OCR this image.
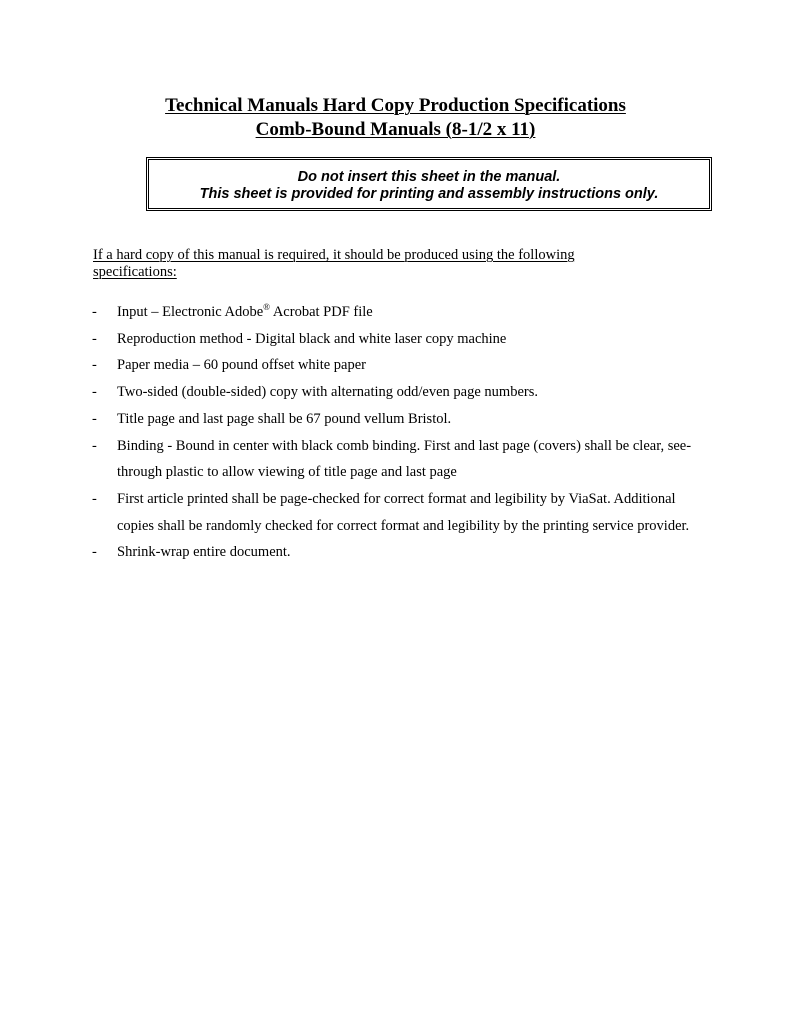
Technical Manuals Hard Copy Production Specifications

Comb-Bound Manuals (8-1/2 x 11)

Do not insert this sheet in the manual.

This sheet is provided for printing and assembly instructions only.

If a hard copy of this manual is required, it should be produced using the following specifications:

- Input – Electronic Adobe® Acrobat PDF file
- Reproduction method - Digital black and white laser copy machine
- Paper media – 60 pound offset white paper
- Two-sided (double-sided) copy with alternating odd/even page numbers.
- Title page and last page shall be 67 pound vellum Bristol.
- Binding - Bound in center with black comb binding. First and last page (covers) shall be clear, see-through plastic to allow viewing of title page and last page
- First article printed shall be page-checked for correct format and legibility by ViaSat. Additional copies shall be randomly checked for correct format and legibility by the printing service provider.
- Shrink-wrap entire document.
